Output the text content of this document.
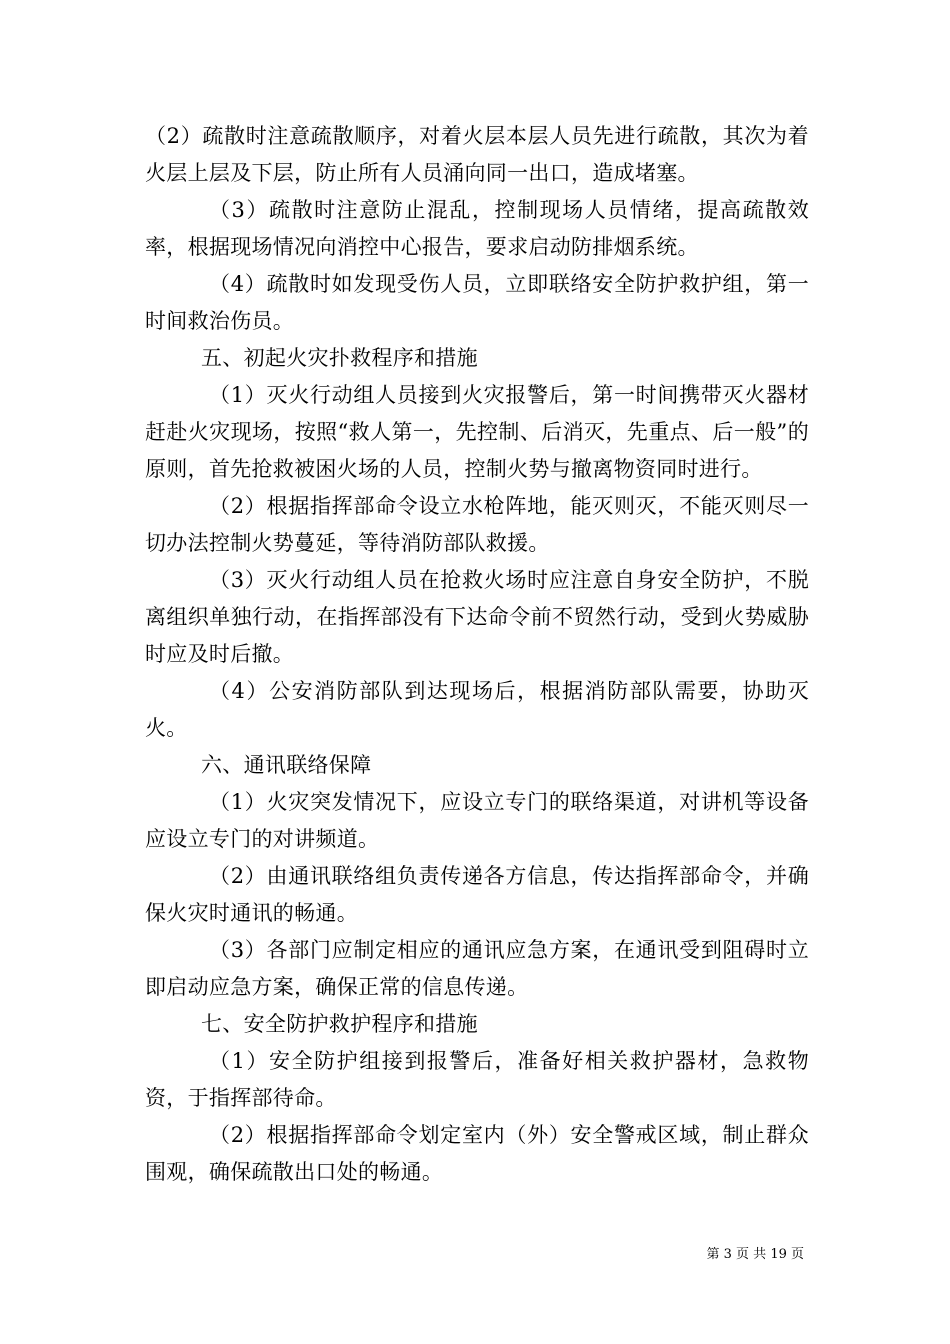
（2）疏散时注意疏散顺序，对着火层本层人员先进行疏散，其次为着火层上层及下层，防止所有人员涌向同一出口，造成堵塞。

（3）疏散时注意防止混乱，控制现场人员情绪，提高疏散效率，根据现场情况向消控中心报告，要求启动防排烟系统。

（4）疏散时如发现受伤人员，立即联络安全防护救护组，第一时间救治伤员。

五、初起火灾扑救程序和措施

（1）灭火行动组人员接到火灾报警后，第一时间携带灭火器材赶赴火灾现场，按照“救人第一，先控制、后消灭，先重点、后一般”的原则，首先抢救被困火场的人员，控制火势与撤离物资同时进行。

（2）根据指挥部命令设立水枪阵地，能灭则灭，不能灭则尽一切办法控制火势蔓延，等待消防部队救援。

（3）灭火行动组人员在抢救火场时应注意自身安全防护，不脱离组织单独行动，在指挥部没有下达命令前不贸然行动，受到火势威胁时应及时后撤。

（4）公安消防部队到达现场后，根据消防部队需要，协助灭火。

六、通讯联络保障

（1）火灾突发情况下，应设立专门的联络渠道，对讲机等设备应设立专门的对讲频道。

（2）由通讯联络组负责传递各方信息，传达指挥部命令，并确保火灾时通讯的畅通。

（3）各部门应制定相应的通讯应急方案，在通讯受到阻碍时立即启动应急方案，确保正常的信息传递。

七、安全防护救护程序和措施

（1）安全防护组接到报警后，准备好相关救护器材，急救物资，于指挥部待命。

（2）根据指挥部命令划定室内（外）安全警戒区域，制止群众围观，确保疏散出口处的畅通。

第 3 页 共 19 页
